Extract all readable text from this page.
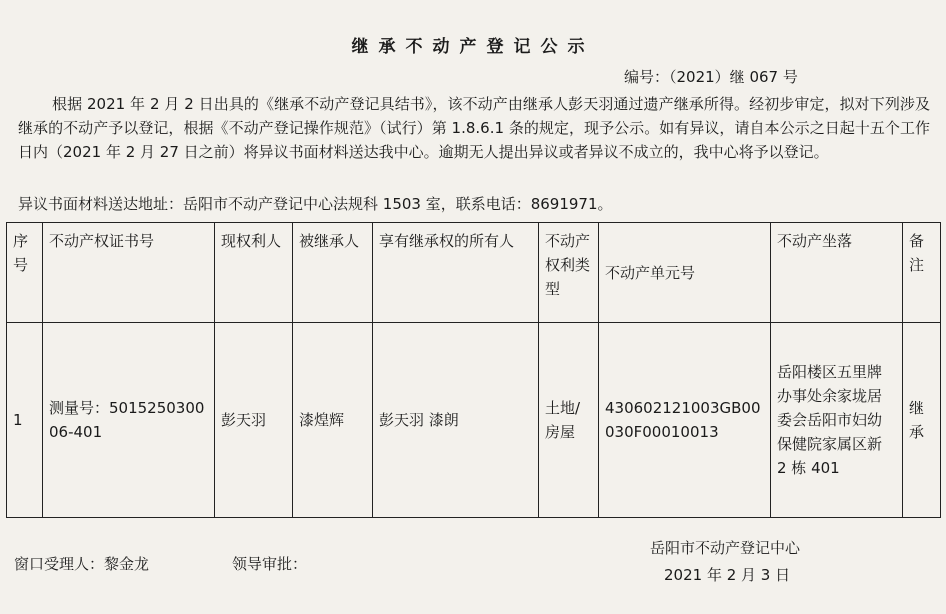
继承不动产登记公示
编号：（2021）继 067 号
根据 2021 年 2 月 2 日出具的《继承不动产登记具结书》，该不动产由继承人彭天羽通过遗产继承所得。经初步审定，拟对下列涉及继承的不动产予以登记，根据《不动产登记操作规范》（试行）第 1.8.6.1 条的规定，现予公示。如有异议，请自本公示之日起十五个工作日内（2021 年 2 月 27 日之前）将异议书面材料送达我中心。逾期无人提出异议或者异议不成立的，我中心将予以登记。
异议书面材料送达地址：岳阳市不动产登记中心法规科 1503 室，联系电话：8691971。
序号	不动产权证书号	现权利人	被继承人	享有继承权的所有人	不动产权利类型	不动产单元号	不动产坐落	备注
1	测量号：501525030006-401	彭天羽	漆煌辉	彭天羽 漆朗	土地/房屋	430602121003GB00030F00010013	岳阳楼区五里牌办事处余家垅居委会岳阳市妇幼保健院家属区新 2 栋 401	继承
窗口受理人：黎金龙	领导审批：
岳阳市不动产登记中心
2021 年 2 月 3 日
